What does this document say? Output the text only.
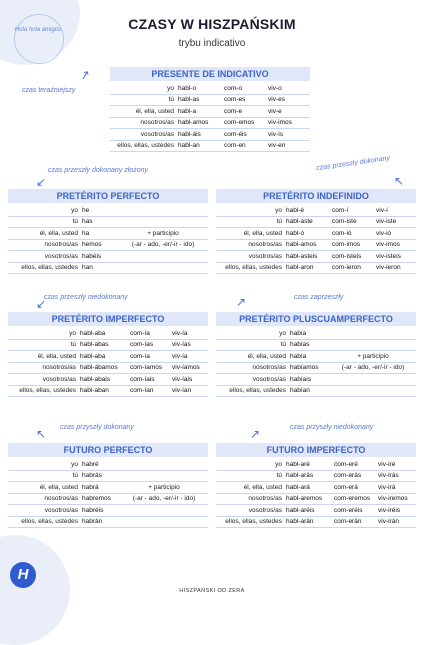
Hola hola amigos
H
CZASY W HISZPAŃSKIM
trybu indicativo
czas teraźniejszy
↗
czas przeszły dokonany złożony
↙
czas przeszły dokonany
↖
czas przeszły niedokonany
↙	czas zaprzeszły
↗
czas przyszły dokonany
↖	czas przyszły niedokonany
↗
PRESENTE DE INDICATIVO
yo	habl-o	com-o	viv-o
tú	habl-as	com-es	viv-es
él, ella, usted	habl-a	com-e	viv-e
nosotros/as	habl-amos	com-emos	viv-imos
vosotros/as	habl-áis	com-éis	viv-ís
ellos, ellas, ustedes	habl-an	com-en	viv-en
PRETÉRITO PERFECTO
yo	he	
tú	has	
él, ella, usted	ha	+ participio
nosotros/as	hemos	(-ar - ado, -er/-ir - ido)
vosotros/as	habéis	
ellos, ellas, ustedes	han	
PRETÉRITO INDEFINIDO
yo	habl-é	com-í	viv-í
tú	habl-aste	com-iste	viv-iste
él, ella, usted	habl-ó	com-ió	viv-ió
nosotros/as	habl-amos	com-imos	viv-imos
vosotros/as	habl-asteis	com-isteis	viv-isteis
ellos, ellas, ustedes	habl-aron	com-ieron	viv-ieron
PRETÉRITO IMPERFECTO
yo	habl-aba	com-ía	viv-ía
tú	habl-abas	com-ías	viv-ías
él, ella, usted	habl-aba	com-ía	viv-ía
nosotros/as	habl-ábamos	com-íamos	viv-íamos
vosotros/as	habl-abais	com-íais	viv-íais
ellos, ellas, ustedes	habl-aban	com-ían	viv-ían
PRETÉRITO PLUSCUAMPERFECTO
yo	había	
tú	habías	
él, ella, usted	había	+ participio
nosotros/as	habíamos	(-ar - ado, -er/-ir - ido)
vosotros/as	habíais	
ellos, ellas, ustedes	habían	
FUTURO PERFECTO
yo	habré	
tú	habrás	
él, ella, usted	habrá	+ participio
nosotros/as	habremos	(-ar - ado, -er/-ir - ido)
vosotros/as	habréis	
ellos, ellas, ustedes	habrán	
FUTURO IMPERFECTO
yo	habl-aré	com-eré	viv-iré
tú	habl-arás	com-erás	viv-irás
él, ella, usted	habl-ará	com-erá	viv-irá
nosotros/as	habl-aremos	com-eremos	viv-iremos
vosotros/as	habl-aréis	com-eréis	viv-iréis
ellos, ellas, ustedes	habl-arán	com-erán	viv-irán
HISZPAŃSKI OD ZERA
